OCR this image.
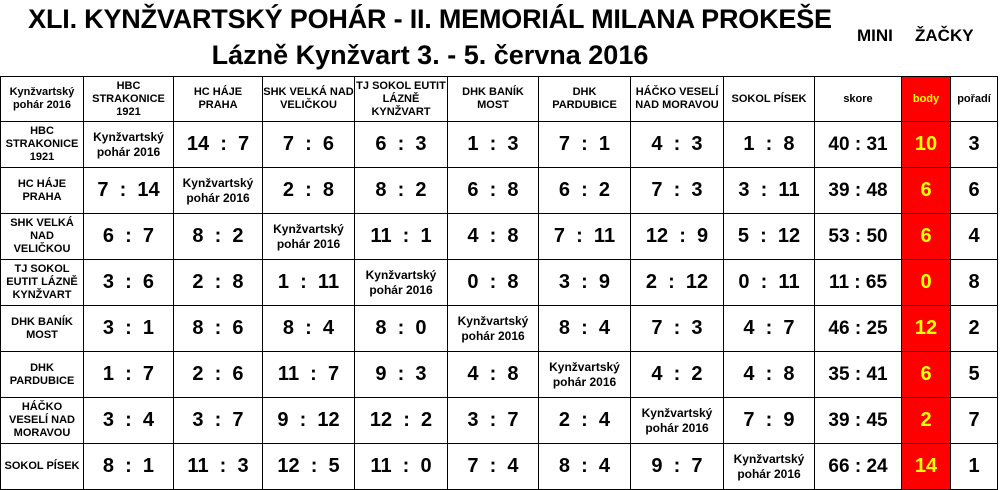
XLI. KYNŽVARTSKÝ POHÁR - II. MEMORIÁL MILANA PROKEŠE
Lázně Kynžvart 3. - 5. června 2016
MINI ŽAČKY
Kynžvartský pohár 2016	HBC STRAKONICE 1921	HC HÁJE PRAHA	SHK VELKÁ NAD VELIČKOU	TJ SOKOL EUTIT LÁZNĚ KYNŽVART	DHK BANÍK MOST	DHK PARDUBICE	HÁČKO VESELÍ NAD MORAVOU	SOKOL PÍSEK	skore	body	pořadí
HBC STRAKONICE 1921	Kynžvartský pohár 2016	14  :  7	7  :  6	6  :  3	1  :  3	7  :  1	4  :  3	1  :  8	40 : 31	10	3
HC HÁJE PRAHA	7  :  14	Kynžvartský pohár 2016	2  :  8	8  :  2	6  :  8	6  :  2	7  :  3	3  :  11	39 : 48	6	6
SHK VELKÁ NAD VELIČKOU	6  :  7	8  :  2	Kynžvartský pohár 2016	11  :  1	4  :  8	7  :  11	12  :  9	5  :  12	53 : 50	6	4
TJ SOKOL EUTIT LÁZNĚ KYNŽVART	3  :  6	2  :  8	1  :  11	Kynžvartský pohár 2016	0  :  8	3  :  9	2  :  12	0  :  11	11 : 65	0	8
DHK BANÍK MOST	3  :  1	8  :  6	8  :  4	8  :  0	Kynžvartský pohár 2016	8  :  4	7  :  3	4  :  7	46 : 25	12	2
DHK PARDUBICE	1  :  7	2  :  6	11  :  7	9  :  3	4  :  8	Kynžvartský pohár 2016	4  :  2	4  :  8	35 : 41	6	5
HÁČKO VESELÍ NAD MORAVOU	3  :  4	3  :  7	9  :  12	12  :  2	3  :  7	2  :  4	Kynžvartský pohár 2016	7  :  9	39 : 45	2	7
SOKOL PÍSEK	8  :  1	11  :  3	12  :  5	11  :  0	7  :  4	8  :  4	9  :  7	Kynžvartský pohár 2016	66 : 24	14	1
